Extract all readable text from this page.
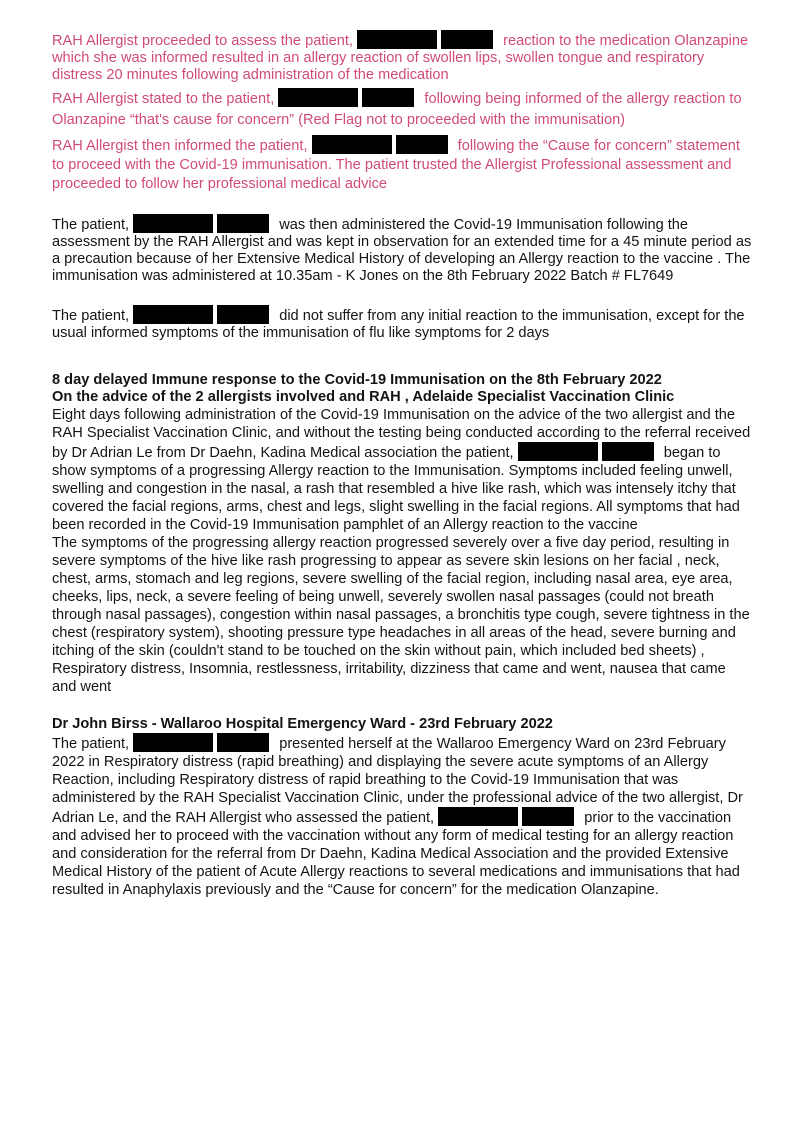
RAH Allergist proceeded to assess the patient,	reaction to the medication Olanzapine which she was informed resulted in an allergy reaction of swollen lips, swollen tongue and respiratory distress 20 minutes following administration of the medication

RAH Allergist stated to the patient,	following being informed of the allergy reaction to Olanzapine “that's cause for concern” (Red Flag not to proceeded with the immunisation)

RAH Allergist then informed the patient,	following the “Cause for concern” statement to proceed with the Covid-19 immunisation. The patient trusted the Allergist Professional assessment and proceeded to follow her professional medical advice

The patient,	was then administered the Covid-19 Immunisation following the assessment by the RAH Allergist and was kept in observation for an extended time for a 45 minute period as a precaution because of her Extensive Medical History of developing an Allergy reaction to the vaccine . The immunisation was administered at 10.35am - K Jones on the 8th February 2022 Batch # FL7649

The patient,	did not suffer from any initial reaction to the immunisation, except for the usual informed symptoms of the immunisation of flu like symptoms for 2 days

8 day delayed Immune response to the Covid-19 Immunisation on the 8th February 2022

On the advice of the 2 allergists involved and RAH , Adelaide Specialist Vaccination Clinic

Eight days following administration of the Covid-19 Immunisation on the advice of the two allergist and the RAH Specialist Vaccination Clinic, and without the testing being conducted according to the referral received by Dr Adrian Le from Dr Daehn, Kadina Medical association the patient,	began to show symptoms of a progressing Allergy reaction to the Immunisation. Symptoms included feeling unwell, swelling and congestion in the nasal, a rash that resembled a hive like rash, which was intensely itchy that covered the facial regions, arms, chest and legs, slight swelling in the facial regions. All symptoms that had been recorded in the Covid-19 Immunisation pamphlet of an Allergy reaction to the vaccine

The symptoms of the progressing allergy reaction progressed severely over a five day period, resulting in severe symptoms of the hive like rash progressing to appear as severe skin lesions on her facial , neck, chest, arms, stomach and leg regions, severe swelling of the facial region, including nasal area, eye area, cheeks, lips, neck, a severe feeling of being unwell, severely swollen nasal passages (could not breath through nasal passages), congestion within nasal passages, a bronchitis type cough, severe tightness in the chest (respiratory system), shooting pressure type headaches in all areas of the head, severe burning and itching of the skin (couldn't stand to be touched on the skin without pain, which included bed sheets) , Respiratory distress, Insomnia, restlessness, irritability, dizziness that came and went, nausea that came and went

Dr John Birss - Wallaroo Hospital Emergency Ward - 23rd February 2022

The patient,	presented herself at the Wallaroo Emergency Ward on 23rd February 2022 in Respiratory distress (rapid breathing) and displaying the severe acute symptoms of an Allergy Reaction, including Respiratory distress of rapid breathing to the Covid-19 Immunisation that was administered by the RAH Specialist Vaccination Clinic, under the professional advice of the two allergist, Dr Adrian Le, and the RAH Allergist who assessed the patient,	prior to the vaccination and advised her to proceed with the vaccination without any form of medical testing for an allergy reaction and consideration for the referral from Dr Daehn, Kadina Medical Association and the provided Extensive Medical History of the patient of Acute Allergy reactions to several medications and immunisations that had resulted in Anaphylaxis previously and the “Cause for concern” for the medication Olanzapine.
